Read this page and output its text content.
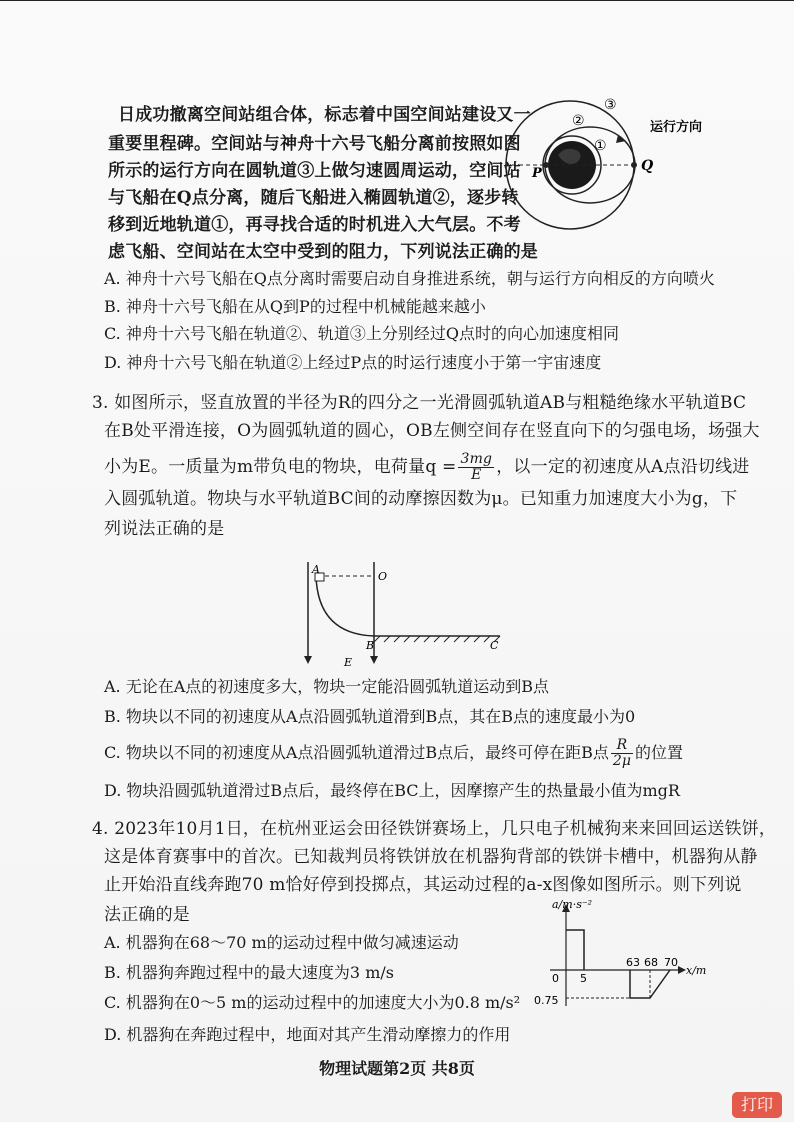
日成功撤离空间站组合体，标志着中国空间站建设又一
重要里程碑。空间站与神舟十六号飞船分离前按照如图
所示的运行方向在圆轨道③上做匀速圆周运动，空间站
与飞船在Q点分离，随后飞船进入椭圆轨道②，逐步转
移到近地轨道①，再寻找合适的时机进入大气层。不考
虑飞船、空间站在太空中受到的阻力，下列说法正确的是
①
②
③
P	Q
运行方向
A. 神舟十六号飞船在Q点分离时需要启动自身推进系统，朝与运行方向相反的方向喷火
B. 神舟十六号飞船在从Q到P的过程中机械能越来越小
C. 神舟十六号飞船在轨道②、轨道③上分别经过Q点时的向心加速度相同
D. 神舟十六号飞船在轨道②上经过P点的时运行速度小于第一宇宙速度
3. 如图所示，竖直放置的半径为R的四分之一光滑圆弧轨道AB与粗糙绝缘水平轨道BC
在B处平滑连接，O为圆弧轨道的圆心，OB左侧空间存在竖直向下的匀强电场，场强大
小为E。一质量为m带负电的物块，电荷量$q = \frac{3mg}{E}$ ，以一定的初速度从A点沿切线进
入圆弧轨道。物块与水平轨道BC间的动摩擦因数为μ。已知重力加速度大小为g，下
列说法正确的是
A
O
B	C
E
A. 无论在A点的初速度多大，物块一定能沿圆弧轨道运动到B点
B. 物块以不同的初速度从A点沿圆弧轨道滑到B点，其在B点的速度最小为0
C. 物块以不同的初速度从A点沿圆弧轨道滑过B点后，最终可停在距B点 $\frac{R}{2\mu}$ 的位置
D. 物块沿圆弧轨道滑过B点后，最终停在BC上，因摩擦产生的热量最小值为mgR
4. 2023年10月1日，在杭州亚运会田径铁饼赛场上，几只电子机械狗来来回回运送铁饼，
这是体育赛事中的首次。已知裁判员将铁饼放在机器狗背部的铁饼卡槽中，机器狗从静
止开始沿直线奔跑70 m恰好停到投掷点，其运动过程的a-x图像如图所示。则下列说
法正确的是
A. 机器狗在68～70 m的运动过程中做匀减速运动
B. 机器狗奔跑过程中的最大速度为3 m/s
C. 机器狗在0～5 m的运动过程中的加速度大小为0.8 m/s²
D. 机器狗在奔跑过程中，地面对其产生滑动摩擦力的作用
a/m·s⁻²
x/m
0 5
63 68 70
0.75
物理试题第2页 共8页
打印
